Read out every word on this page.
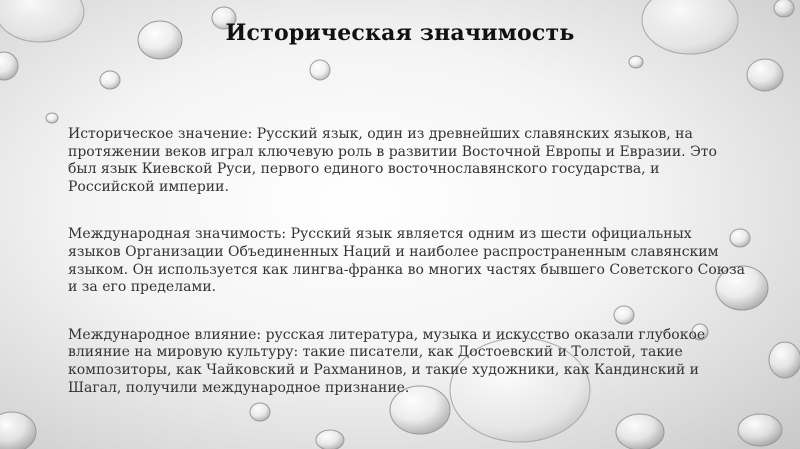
Историческая значимость

Историческое значение: Русский язык, один из древнейших славянских языков, на протяжении веков играл ключевую роль в развитии Восточной Европы и Евразии. Это был язык Киевской Руси, первого единого восточнославянского государства, и Российской империи.

Международная значимость: Русский язык является одним из шести официальных языков Организации Объединенных Наций и наиболее распространенным славянским языком. Он используется как лингва-франка во многих частях бывшего Советского Союза и за его пределами.

Международное влияние: русская литература, музыка и искусство оказали глубокое влияние на мировую культуру: такие писатели, как Достоевский и Толстой, такие композиторы, как Чайковский и Рахманинов, и такие художники, как Кандинский и Шагал, получили международное признание.
